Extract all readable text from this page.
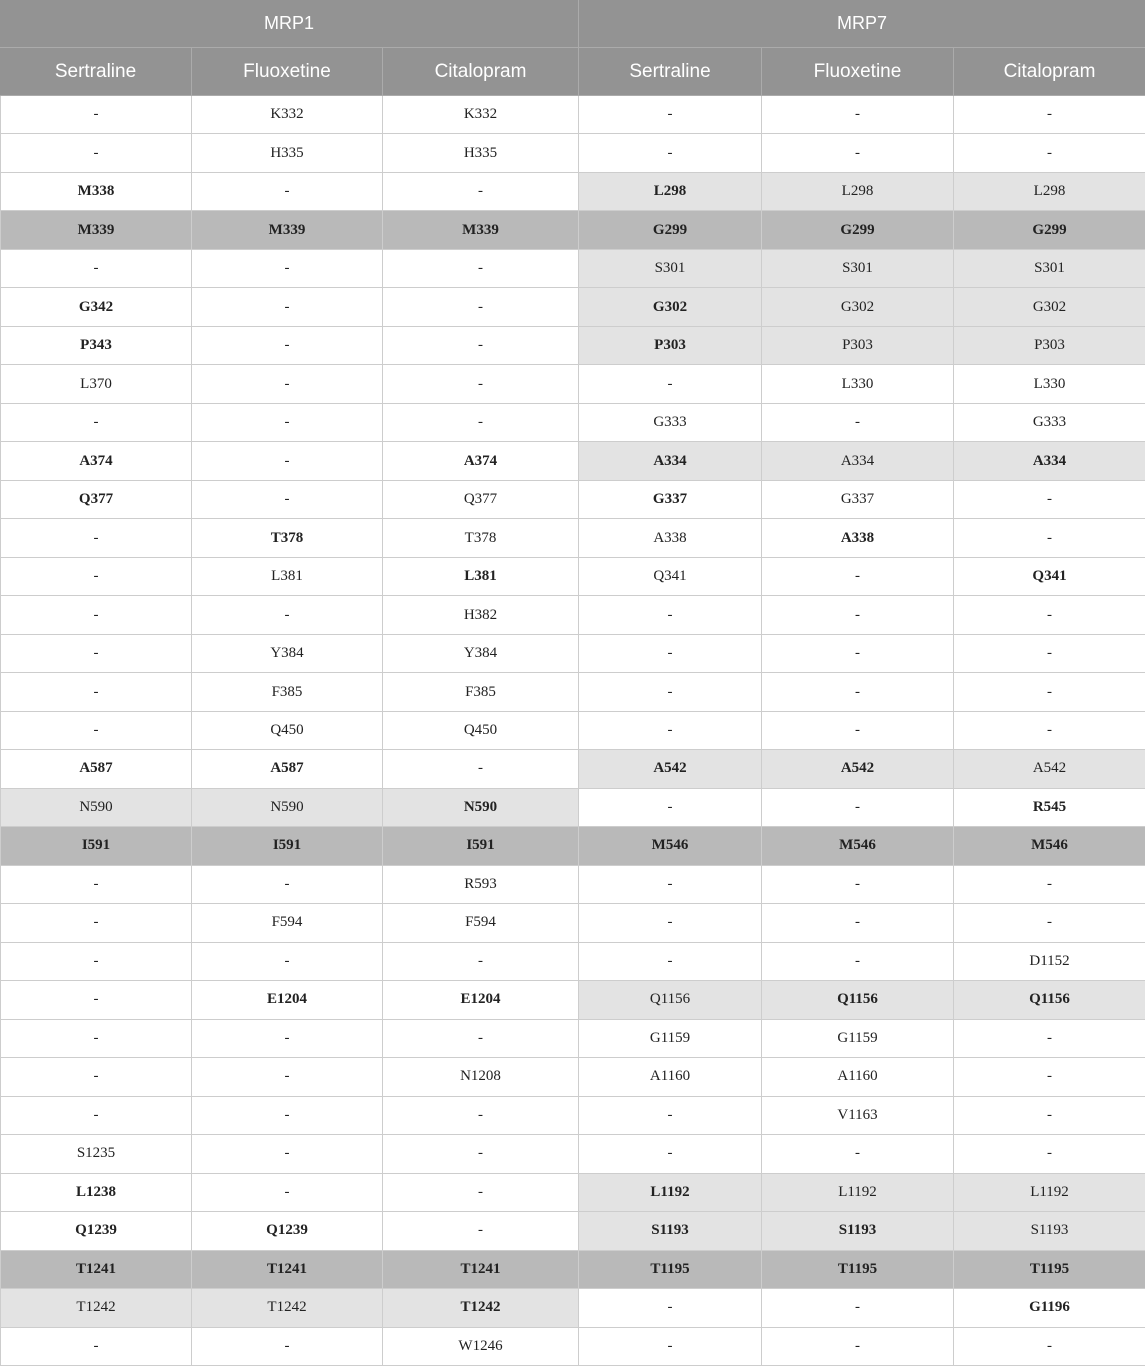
MRP1	MRP7
Sertraline	Fluoxetine	Citalopram	Sertraline	Fluoxetine	Citalopram
-	K332	K332	-	-	-
-	H335	H335	-	-	-
M338	-	-	L298	L298	L298
M339	M339	M339	G299	G299	G299
-	-	-	S301	S301	S301
G342	-	-	G302	G302	G302
P343	-	-	P303	P303	P303
L370	-	-	-	L330	L330
-	-	-	G333	-	G333
A374	-	A374	A334	A334	A334
Q377	-	Q377	G337	G337	-
-	T378	T378	A338	A338	-
-	L381	L381	Q341	-	Q341
-	-	H382	-	-	-
-	Y384	Y384	-	-	-
-	F385	F385	-	-	-
-	Q450	Q450	-	-	-
A587	A587	-	A542	A542	A542
N590	N590	N590	-	-	R545
I591	I591	I591	M546	M546	M546
-	-	R593	-	-	-
-	F594	F594	-	-	-
-	-	-	-	-	D1152
-	E1204	E1204	Q1156	Q1156	Q1156
-	-	-	G1159	G1159	-
-	-	N1208	A1160	A1160	-
-	-	-	-	V1163	-
S1235	-	-	-	-	-
L1238	-	-	L1192	L1192	L1192
Q1239	Q1239	-	S1193	S1193	S1193
T1241	T1241	T1241	T1195	T1195	T1195
T1242	T1242	T1242	-	-	G1196
-	-	W1246	-	-	-
